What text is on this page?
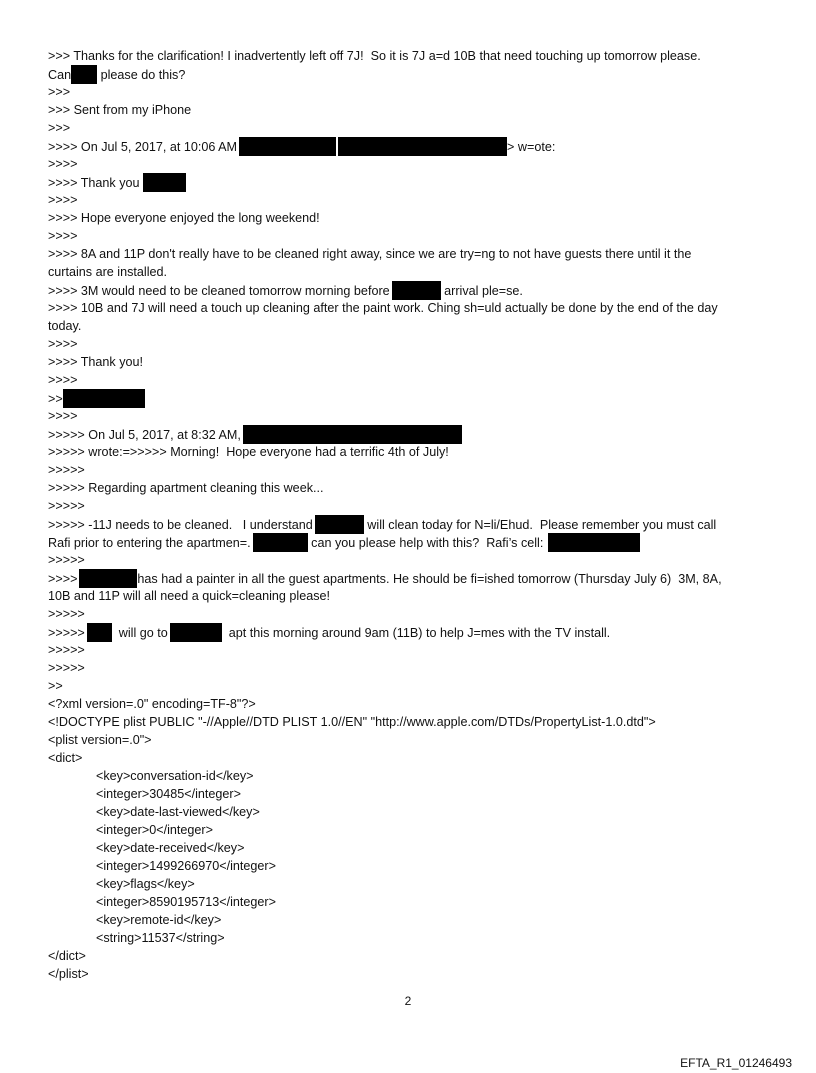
>>> Thanks for the clarification! I inadvertently left off 7J!  So it is 7J a=d 10B that need touching up tomorrow please.
Can please do this?
>>>
>>> Sent from my iPhone
>>>
>>>> On Jul 5, 2017, at 10:06 AM	> w=ote:
>>>>
>>>> Thank you
>>>>
>>>> Hope everyone enjoyed the long weekend!
>>>>
>>>> 8A and 11P don't really have to be cleaned right away, since we are try=ng to not have guests there until it the
curtains are installed.
>>>> 3M would need to be cleaned tomorrow morning before	arrival ple=se.
>>>> 10B and 7J will need a touch up cleaning after the paint work. Ching sh=uld actually be done by the end of the day
today.
>>>>
>>>> Thank you!
>>>>
>>
>>>>
>>>>> On Jul 5, 2017, at 8:32 AM,
>>>>> wrote:=>>>>> Morning!  Hope everyone had a terrific 4th of July!
>>>>>
>>>>> Regarding apartment cleaning this week...
>>>>>
>>>>> -11J needs to be cleaned.   I understand	will clean today for N=li/Ehud.  Please remember you must call
Rafi prior to entering the apartmen=.	can you please help with this?  Rafi’s cell:
>>>>>
>>>>	has had a painter in all the guest apartments. He should be fi=ished tomorrow (Thursday July 6)  3M, 8A,
10B and 11P will all need a quick=cleaning please!
>>>>>
>>>>>  will go to	apt this morning around 9am (11B) to help J=mes with the TV install.
>>>>>
>>>>>
>>
<?xml version=.0" encoding=TF-8"?>
<!DOCTYPE plist PUBLIC "-//Apple//DTD PLIST 1.0//EN" "http://www.apple.com/DTDs/PropertyList-1.0.dtd">
<plist version=.0">
<dict>
<key>conversation-id</key>
<integer>30485</integer>
<key>date-last-viewed</key>
<integer>0</integer>
<key>date-received</key>
<integer>1499266970</integer>
<key>flags</key>
<integer>8590195713</integer>
<key>remote-id</key>
<string>11537</string>
</dict>
</plist>
2
EFTA_R1_01246493
